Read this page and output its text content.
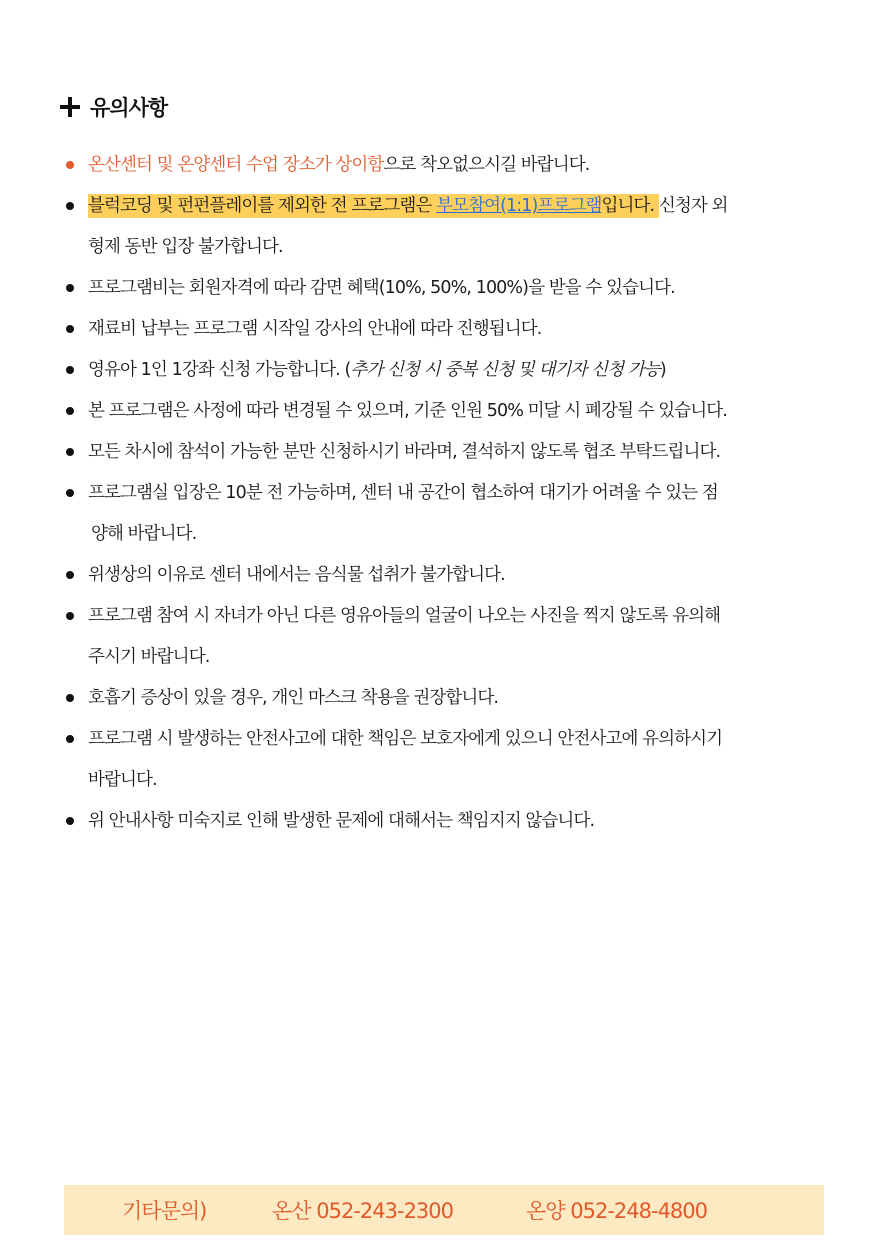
유의사항
온산센터 및 온양센터 수업 장소가 상이함으로 착오없으시길 바랍니다.
블럭코딩 및 펀펀플레이를 제외한 전 프로그램은 부모참여(1:1)프로그램입니다. 신청자 외
형제 동반 입장 불가합니다.
프로그램비는 회원자격에 따라 감면 혜택(10%, 50%, 100%)을 받을 수 있습니다.
재료비 납부는 프로그램 시작일 강사의 안내에 따라 진행됩니다.
영유아 1인 1강좌 신청 가능합니다. (추가 신청 시 중복 신청 및 대기자 신청 가능)
본 프로그램은 사정에 따라 변경될 수 있으며, 기준 인원 50% 미달 시 폐강될 수 있습니다.
모든 차시에 참석이 가능한 분만 신청하시기 바라며, 결석하지 않도록 협조 부탁드립니다.
프로그램실 입장은 10분 전 가능하며, 센터 내 공간이 협소하여 대기가 어려울 수 있는 점
양해 바랍니다.
위생상의 이유로 센터 내에서는 음식물 섭취가 불가합니다.
프로그램 참여 시 자녀가 아닌 다른 영유아들의 얼굴이 나오는 사진을 찍지 않도록 유의해
주시기 바랍니다.
호흡기 증상이 있을 경우, 개인 마스크 착용을 권장합니다.
프로그램 시 발생하는 안전사고에 대한 책임은 보호자에게 있으니 안전사고에 유의하시기
바랍니다.
위 안내사항 미숙지로 인해 발생한 문제에 대해서는 책임지지 않습니다.
기타문의)	온산 052-243-2300	온양 052-248-4800
